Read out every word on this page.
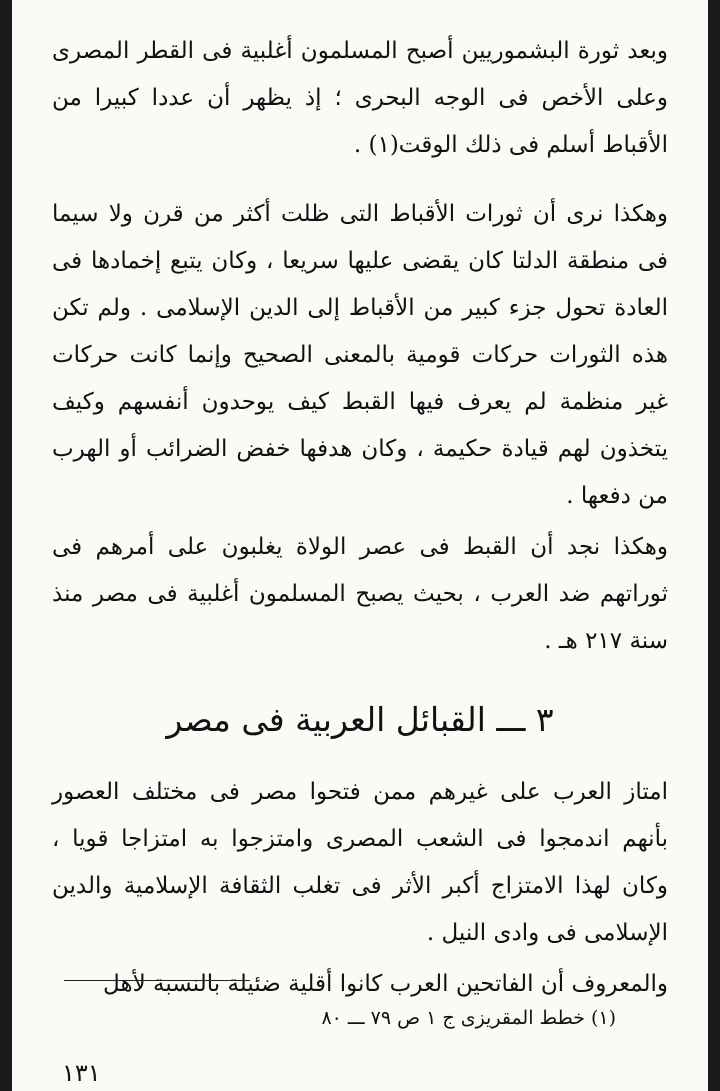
وبعد ثورة البشموريين أصبح المسلمون أغلبية فى القطر المصرى وعلى الأخص فى الوجه البحرى ؛ إذ يظهر أن عددا كبيرا من الأقباط أسلم فى ذلك الوقت(١) .

وهكذا نرى أن ثورات الأقباط التى ظلت أكثر من قرن ولا سيما فى منطقة الدلتا كان يقضى عليها سريعا ، وكان يتبع إخمادها فى العادة تحول جزء كبير من الأقباط إلى الدين الإسلامى . ولم تكن هذه الثورات حركات قومية بالمعنى الصحيح وإنما كانت حركات غير منظمة لم يعرف فيها القبط كيف يوحدون أنفسهم وكيف يتخذون لهم قيادة حكيمة ، وكان هدفها خفض الضرائب أو الهرب من دفعها .

وهكذا نجد أن القبط فى عصر الولاة يغلبون على أمرهم فى ثوراتهم ضد العرب ، بحيث يصبح المسلمون أغلبية فى مصر منذ سنة ٢١٧ هـ .

٣ ـــ القبائل العربية فى مصر

امتاز العرب على غيرهم ممن فتحوا مصر فى مختلف العصور بأنهم اندمجوا فى الشعب المصرى وامتزجوا به امتزاجا قويا ، وكان لهذا الامتزاج أكبر الأثر فى تغلب الثقافة الإسلامية والدين الإسلامى فى وادى النيل .

والمعروف أن الفاتحين العرب كانوا أقلية ضئيلة بالنسبة لأهل

(١) خطط المقريزى ج ١ ص ٧٩ ـــ ٨٠

١٣١
